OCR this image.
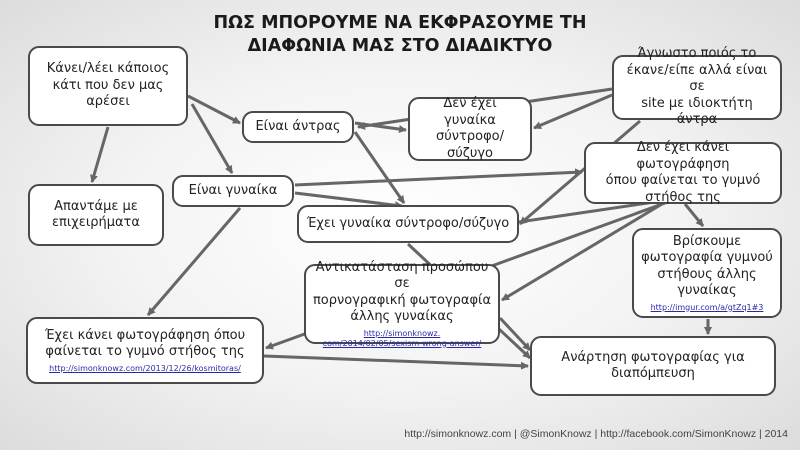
ΠΩΣ ΜΠΟΡΟΥΜΕ ΝΑ ΕΚΦΡΑΣΟΥΜΕ ΤΗ
ΔΙΑΦΩΝΙΑ ΜΑΣ ΣΤΟ ΔΙΑΔΙΚΤΥΟ
Κάνει/λέει κάποιος
κάτι που δεν μας
αρέσει
Είναι άντρας
Δεν έχει γυναίκα
σύντροφο/
σύζυγο
Άγνωστο ποιός το
έκανε/είπε αλλά είναι σε
site με ιδιοκτήτη άντρα
Απαντάμε με
επιχειρήματα
Είναι γυναίκα
Δεν έχει κάνει φωτογράφηση
όπου φαίνεται το γυμνό
στήθος της
Έχει γυναίκα σύντροφο/σύζυγο
Βρίσκουμε
φωτογραφία γυμνού
στήθους άλλης
γυναίκας
http://imgur.com/a/gtZq1#3
Αντικατάσταση προσώπου σε
πορνογραφική φωτογραφία
άλλης γυναίκας
http://simonknowz.
com/2014/02/05/sexism-wrong-answer/
Έχει κάνει φωτογράφηση όπου
φαίνεται το γυμνό στήθος της
http://simonknowz.com/2013/12/26/kosmitoras/
Ανάρτηση φωτογραφίας για
διαπόμπευση
http://simonknowz.com | @SimonKnowz | http://facebook.com/SimonKnowz | 2014
